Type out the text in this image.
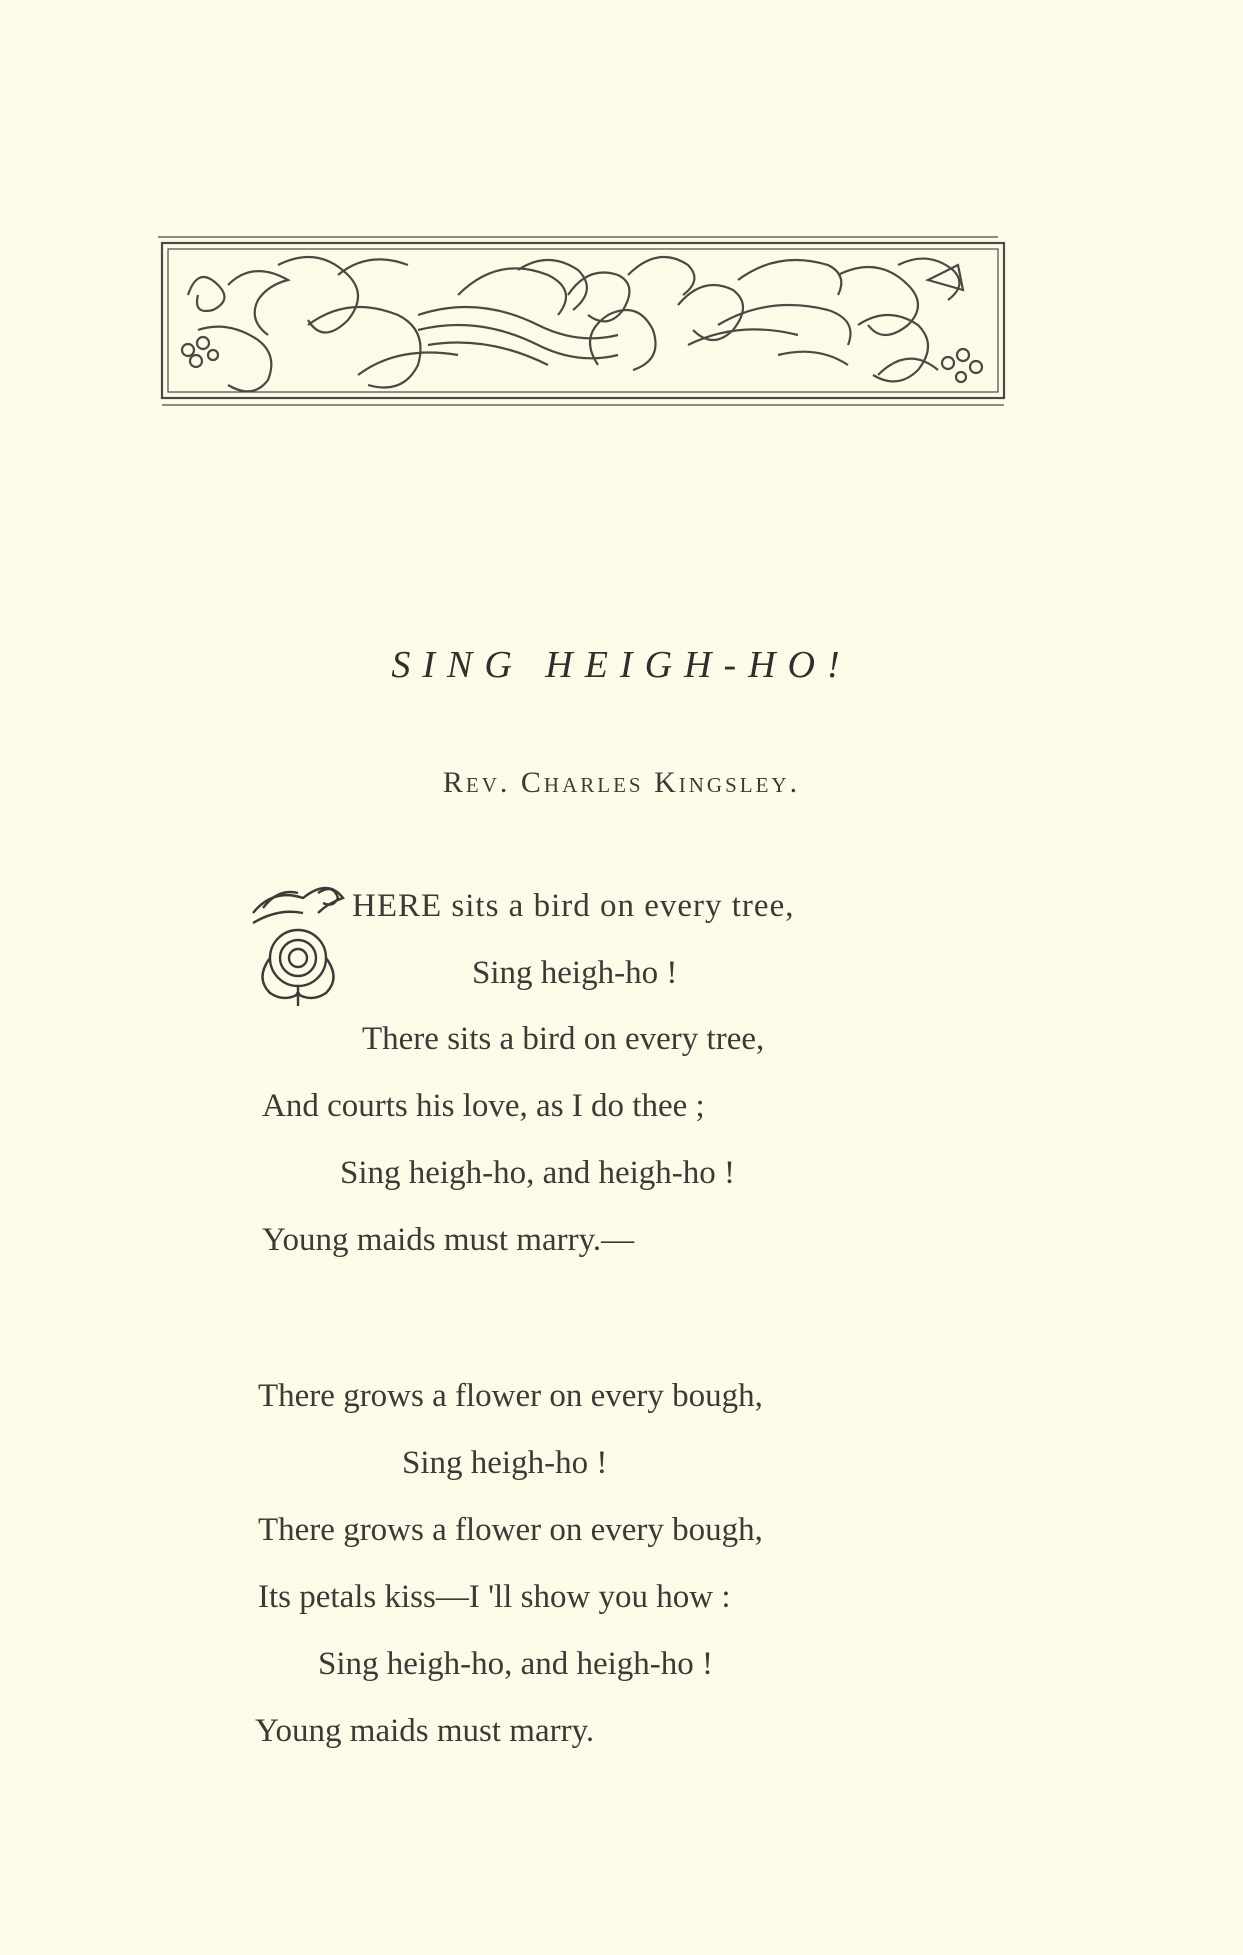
SING HEIGH-HO!
Rev. Charles Kingsley.
HERE sits a bird on every tree,
Sing heigh-ho !
There sits a bird on every tree,
And courts his love, as I do thee ;
Sing heigh-ho, and heigh-ho !
Young maids must marry.—
There grows a flower on every bough,
Sing heigh-ho !
There grows a flower on every bough,
Its petals kiss—I 'll show you how :
Sing heigh-ho, and heigh-ho !
Young maids must marry.
